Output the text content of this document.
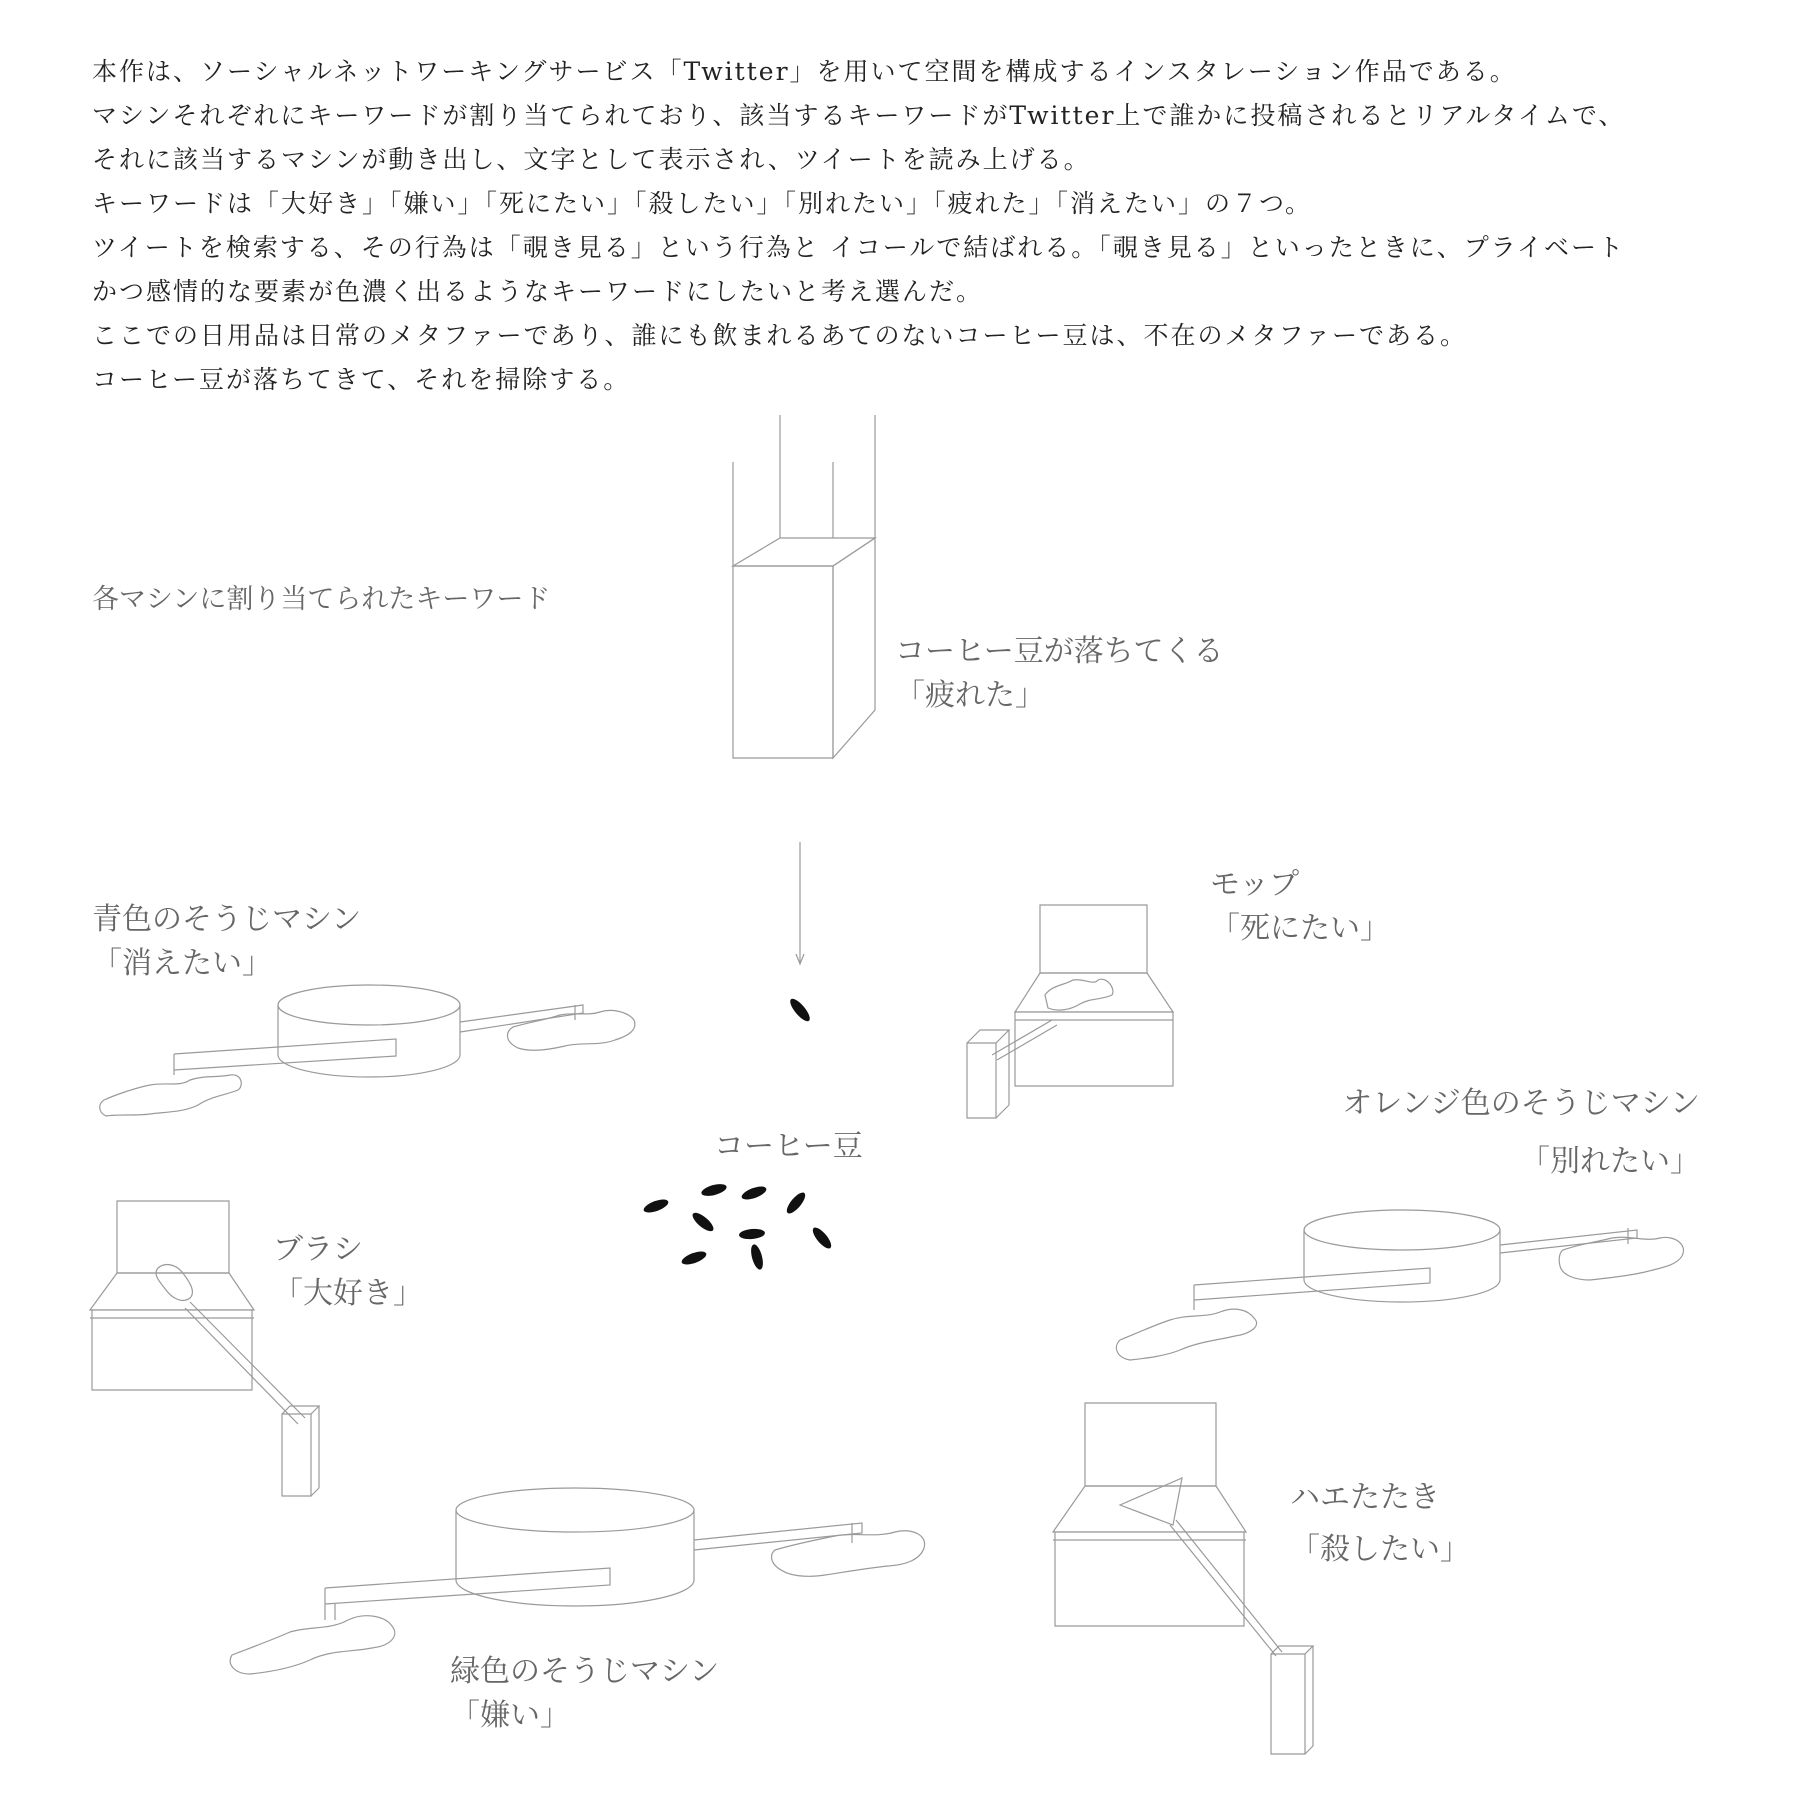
本作は、ソーシャルネットワーキングサービス「Twitter」を用いて空間を構成するインスタレーション作品である。

マシンそれぞれにキーワードが割り当てられており、該当するキーワードがTwitter上で誰かに投稿されるとリアルタイムで、

それに該当するマシンが動き出し、文字として表示され、ツイートを読み上げる。

キーワードは「大好き」「嫌い」「死にたい」「殺したい」「別れたい」「疲れた」「消えたい」の７つ。

ツイートを検索する、その行為は「覗き見る」という行為と イコールで結ばれる。「覗き見る」といったときに、プライベート

かつ感情的な要素が色濃く出るようなキーワードにしたいと考え選んだ。

ここでの日用品は日常のメタファーであり、誰にも飲まれるあてのないコーヒー豆は、不在のメタファーである。

コーヒー豆が落ちてきて、それを掃除する。

各マシンに割り当てられたキーワード
コーヒー豆が落ちてくる
「疲れた」
青色のそうじマシン
「消えたい」
モップ
「死にたい」
コーヒー豆
オレンジ色のそうじマシン
「別れたい」
ブラシ
「大好き」
ハエたたき
「殺したい」
緑色のそうじマシン
「嫌い」
